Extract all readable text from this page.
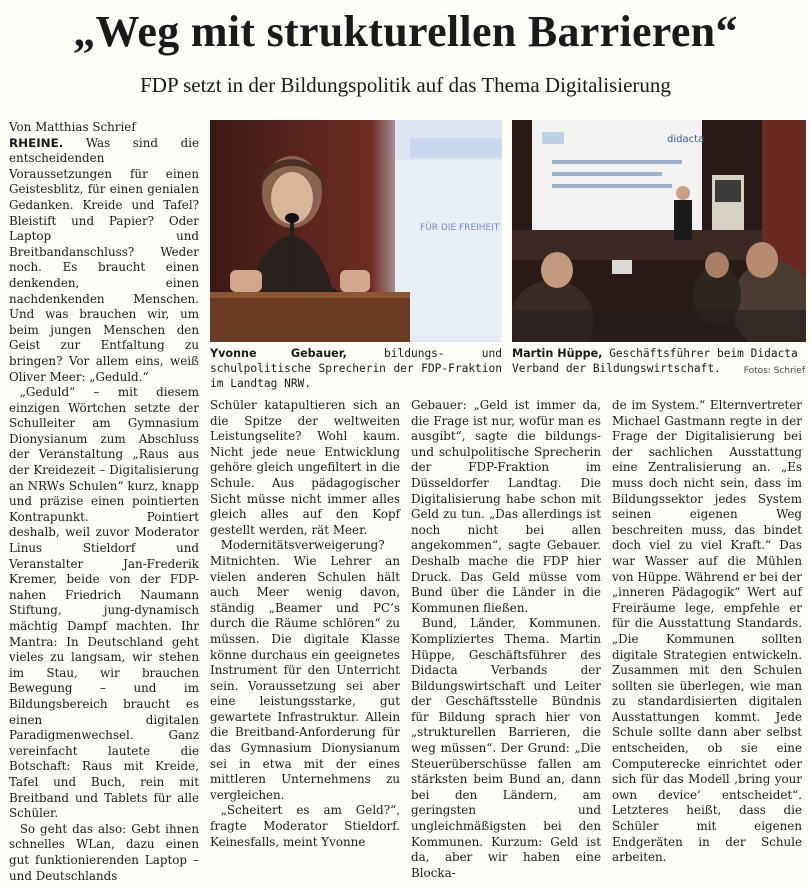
„Weg mit strukturellen Barrieren“
FDP setzt in der Bildungspolitik auf das Thema Digitalisierung

Von Matthias Schrief
RHEINE. Was sind die entscheidenden Voraussetzungen für einen Geistesblitz, für einen genialen Gedanken. Kreide und Tafel? Bleistift und Papier? Oder Laptop und Breitbandanschluss? Weder noch. Es braucht einen denkenden, einen nachdenkenden Menschen. Und was brauchen wir, um beim jungen Menschen den Geist zur Entfaltung zu bringen? Vor allem eins, weiß Oliver Meer: „Geduld.“

„Geduld“ – mit diesem einzigen Wörtchen setzte der Schulleiter am Gymnasium Dionysianum zum Abschluss der Veranstaltung „Raus aus der Kreidezeit – Digitalisierung an NRWs Schulen“ kurz, knapp und präzise einen pointierten Kontrapunkt. Pointiert deshalb, weil zuvor Moderator Linus Stieldorf und Veranstalter Jan-Frederik Kremer, beide von der FDP-nahen Friedrich Naumann Stiftung, jung-dynamisch mächtig Dampf machten. Ihr Mantra: In Deutschland geht vieles zu langsam, wir stehen im Stau, wir brauchen Bewegung – und im Bildungsbereich braucht es einen digitalen Paradigmenwechsel. Ganz vereinfacht lautete die Botschaft: Raus mit Kreide, Tafel und Buch, rein mit Breitband und Tablets für alle Schüler.

So geht das also: Gebt ihnen schnelles WLan, dazu einen gut funktionierenden Laptop – und Deutschlands

FÜR DIE FREIHEIT
didacta
Yvonne Gebauer,	bildungs- und schulpolitische Sprecherin der FDP-Fraktion im Landtag NRW.
Martin Hüppe, Geschäftsführer beim Didacta Verband der Bildungswirtschaft.	Fotos: Schrief

Schüler katapultieren sich an die Spitze der weltweiten Leistungselite? Wohl kaum. Nicht jede neue Entwicklung gehöre gleich ungefiltert in die Schule. Aus pädagogischer Sicht müsse nicht immer alles gleich alles auf den Kopf gestellt werden, rät Meer.

Modernitätsverweigerung? Mitnichten. Wie Lehrer an vielen anderen Schulen hält auch Meer wenig davon, ständig „Beamer und PC’s durch die Räume schlören“ zu müssen. Die digitale Klasse könne durchaus ein geeignetes Instrument für den Unterricht sein. Voraussetzung sei aber eine leistungsstarke, gut gewartete Infrastruktur. Allein die Breitband-Anforderung für das Gymnasium Dionysianum sei in etwa mit der eines mittleren Unternehmens zu vergleichen.

„Scheitert es am Geld?“, fragte Moderator Stieldorf. Keinesfalls, meint Yvonne

Gebauer: „Geld ist immer da, die Frage ist nur, wofür man es ausgibt“, sagte die bildungs- und schulpolitische Sprecherin der FDP-Fraktion im Düsseldorfer Landtag. Die Digitalisierung habe schon mit Geld zu tun. „Das allerdings ist noch nicht bei allen angekommen“, sagte Gebauer. Deshalb mache die FDP hier Druck. Das Geld müsse vom Bund über die Länder in die Kommunen fließen.

Bund, Länder, Kommunen. Kompliziertes Thema. Martin Hüppe, Geschäftsführer des Didacta Verbands der Bildungswirtschaft und Leiter der Geschäftsstelle Bündnis für Bildung sprach hier von „strukturellen Barrieren, die weg müssen“. Der Grund: „Die Steuerüberschüsse fallen am stärksten beim Bund an, dann bei den Ländern, am geringsten und ungleichmäßigsten bei den Kommunen. Kurzum: Geld ist da, aber wir haben eine Blocka-

de im System.“ Elternvertreter Michael Gastmann regte in der Frage der Digitalisierung bei der sachlichen Ausstattung eine Zentralisierung an. „Es muss doch nicht sein, dass im Bildungssektor jedes System seinen eigenen Weg beschreiten muss, das bindet doch viel zu viel Kraft.“ Das war Wasser auf die Mühlen von Hüppe. Während er bei der „inneren Pädagogik“ Wert auf Freiräume lege, empfehle er für die Ausstattung Standards. „Die Kommunen sollten digitale Strategien entwickeln. Zusammen mit den Schulen sollten sie überlegen, wie man zu standardisierten digitalen Ausstattungen kommt. Jede Schule sollte dann aber selbst entscheiden, ob sie eine Computerecke einrichtet oder sich für das Modell ‚bring your own device‘ entscheidet“. Letzteres heißt, dass die Schüler mit eigenen Endgeräten in der Schule arbeiten.
